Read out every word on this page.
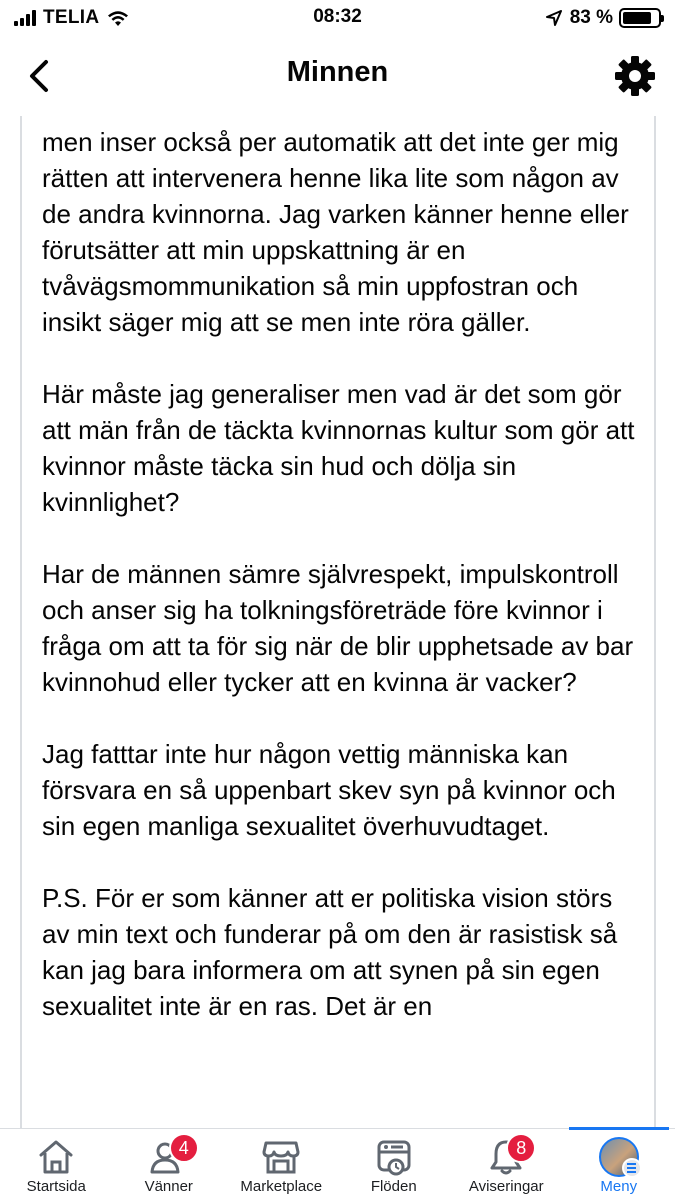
TELIA	08:32	83 %
Minnen

men inser också per automatik att det inte ger mig rätten att intervenera henne lika lite som någon av de andra kvinnorna. Jag varken känner henne eller förutsätter att min uppskattning är en tvåvägsmommunikation så min uppfostran och insikt säger mig att se men inte röra gäller.

Här måste jag generaliser men vad är det som gör att män från de täckta kvinnornas kultur som gör att kvinnor måste täcka sin hud och dölja sin kvinnlighet?

Har de männen sämre självrespekt, impulskontroll och anser sig ha tolkningsföreträde före kvinnor i fråga om att ta för sig när de blir upphetsade av bar kvinnohud eller tycker att en kvinna är vacker?

Jag fatttar inte hur någon vettig människa kan försvara en så uppenbart skev syn på kvinnor och sin egen manliga sexualitet överhuvudtaget.

P.S. För er som känner att er politiska vision störs av min text och funderar på om den är rasistisk så kan jag bara informera om att synen på sin egen sexualitet inte är en ras. Det är en

Startsida
4
Vänner	Marketplace	Flöden
8
Aviseringar	Meny
